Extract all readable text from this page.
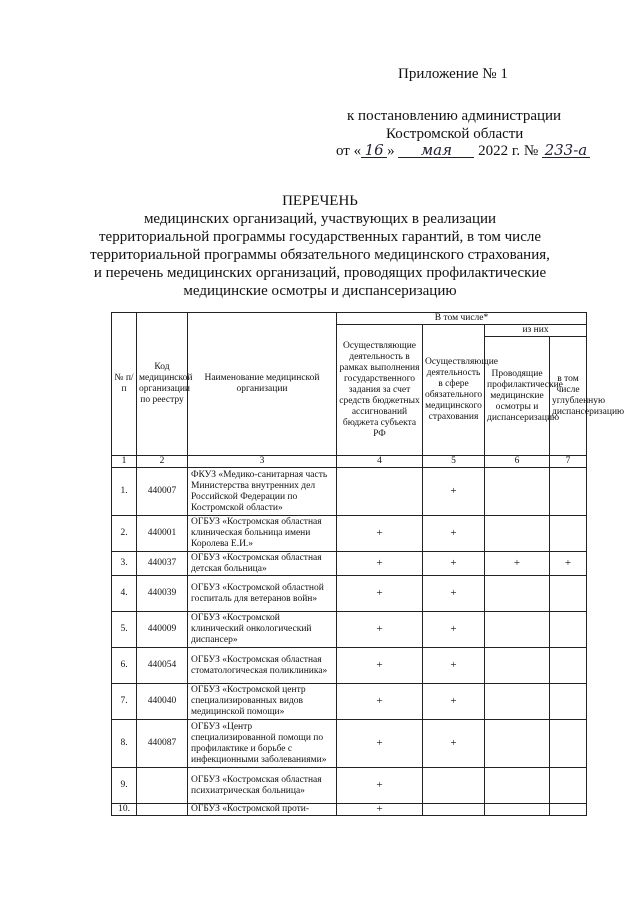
Приложение № 1
к постановлению администрации
Костромской области
от « 16 » мая 2022 г. № 233-а
ПЕРЕЧЕНЬ
медицинских организаций, участвующих в реализации
территориальной программы государственных гарантий, в том числе
территориальной программы обязательного медицинского страхования,
и перечень медицинских организаций, проводящих профилактические
медицинские осмотры и диспансеризацию
№ п/п	Код медицинской организации по реестру	Наименование медицинской организации	В том числе*			
			Осуществляющие деятельность в рамках выполнения государственного задания за счет средств бюджетных ассигнований бюджета субъекта РФ	Осуществляющие деятельность в сфере обязательного медицинского страхования	из них	
					Проводящие профилактические медицинские осмотры и диспансеризацию	в том числе углубленную диспансеризацию
1	2	3	4	5	6	7
1.	440007	ФКУЗ «Медико-санитарная часть Министерства внутренних дел Российской Федерации по Костромской области»		+		
2.	440001	ОГБУЗ «Костромская областная клиническая больница имени Королева Е.И.»	+	+		
3.	440037	ОГБУЗ «Костромская областная детская больница»	+	+	+	+
4.	440039	ОГБУЗ «Костромской областной госпиталь для ветеранов войн»	+	+		
5.	440009	ОГБУЗ «Костромской клинический онкологический диспансер»	+	+		
6.	440054	ОГБУЗ «Костромская областная стоматологическая поликлиника»	+	+		
7.	440040	ОГБУЗ «Костромской центр специализированных видов медицинской помощи»	+	+		
8.	440087	ОГБУЗ «Центр специализированной помощи по профилактике и борьбе с инфекционными заболеваниями»	+	+		
9.		ОГБУЗ «Костромская областная психиатрическая больница»	+			
10.		ОГБУЗ «Костромской проти-	+			
